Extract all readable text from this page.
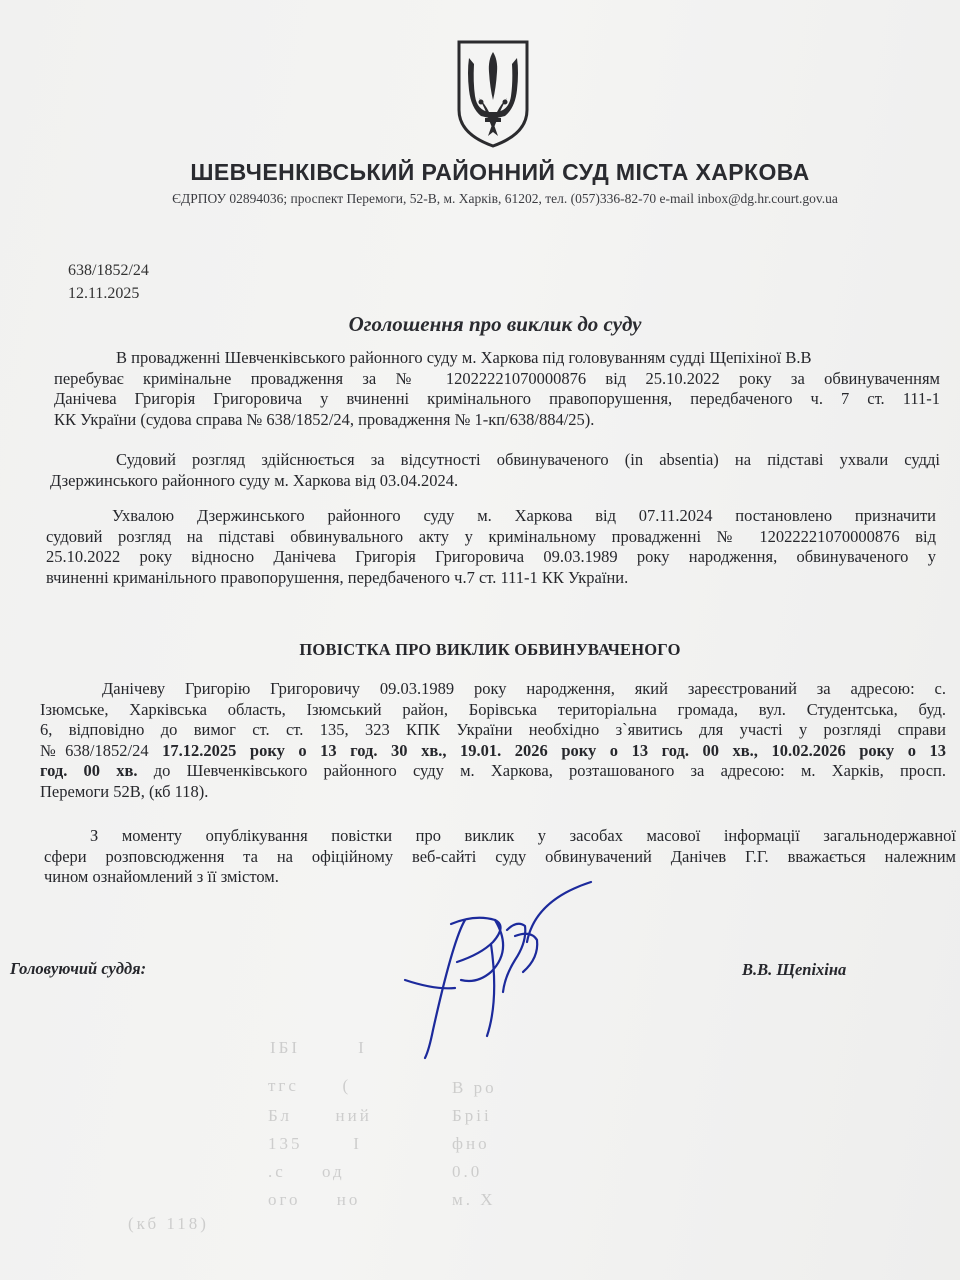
ШЕВЧЕНКІВСЬКИЙ РАЙОННИЙ СУД МІСТА ХАРКОВА
ЄДРПОУ 02894036; проспект Перемоги, 52-В, м. Харків, 61202, тел. (057)336-82-70 e-mail inbox@dg.hr.court.gov.ua
638/1852/24
12.11.2025
Оголошення про виклик до суду
В провадженні Шевченківського районного суду м. Харкова під головуванням судді Щепіхіної В.В
перебуває кримінальне провадження за № 12022221070000876 від 25.10.2022 року за обвинуваченням
Данічева Григорія Григоровича у вчиненні кримінального правопорушення, передбаченого ч. 7 ст. 111-1
КК України (судова справа № 638/1852/24, провадження № 1-кп/638/884/25).
Судовий розгляд здійснюється за відсутності обвинуваченого (in absentia) на підставі ухвали судді
Дзержинського районного суду м. Харкова від 03.04.2024.
Ухвалою Дзержинського районного суду м. Харкова від 07.11.2024 постановлено призначити
судовий розгляд на підставі обвинувального акту у кримінальному провадженні № 12022221070000876 від
25.10.2022 року відносно Данічева Григорія Григоровича 09.03.1989 року народження, обвинуваченого у
вчиненні криманільного правопорушення, передбаченого ч.7 ст. 111-1 КК України.
ПОВІСТКА ПРО ВИКЛИК ОБВИНУВАЧЕНОГО
Данічеву Григорію Григоровичу 09.03.1989 року народження, який зареєстрований за адресою: с.
Ізюмське, Харківська область, Ізюмський район, Борівська територіальна громада, вул. Студентська, буд.
6, відповідно до вимог ст. ст. 135, 323 КПК України необхідно з`явитись для участі у розгляді справи
№638/1852/24 17.12.2025 року о 13 год. 30 хв., 19.01. 2026 року о 13 год. 00 хв., 10.02.2026 року о 13
год. 00 хв. до Шевченківського районного суду м. Харкова, розташованого за адресою: м. Харків, просп.
Перемоги 52В, (кб 118).
З моменту опублікування повістки про виклик у засобах масової інформації загальнодержавної
сфери розповсюдження та на офіційному веб-сайті суду обвинувачений Данічев Г.Г. вважається належним
чином ознайомлений з її змістом.
Головуючий суддя:	В.В. Щепіхіна
ΙБΙ        Ι
тгс      (
Бл      ний
135       I
.с     од
ого     но
(кб 118)
В ро
Бріі
фно
0.0
м. Х
